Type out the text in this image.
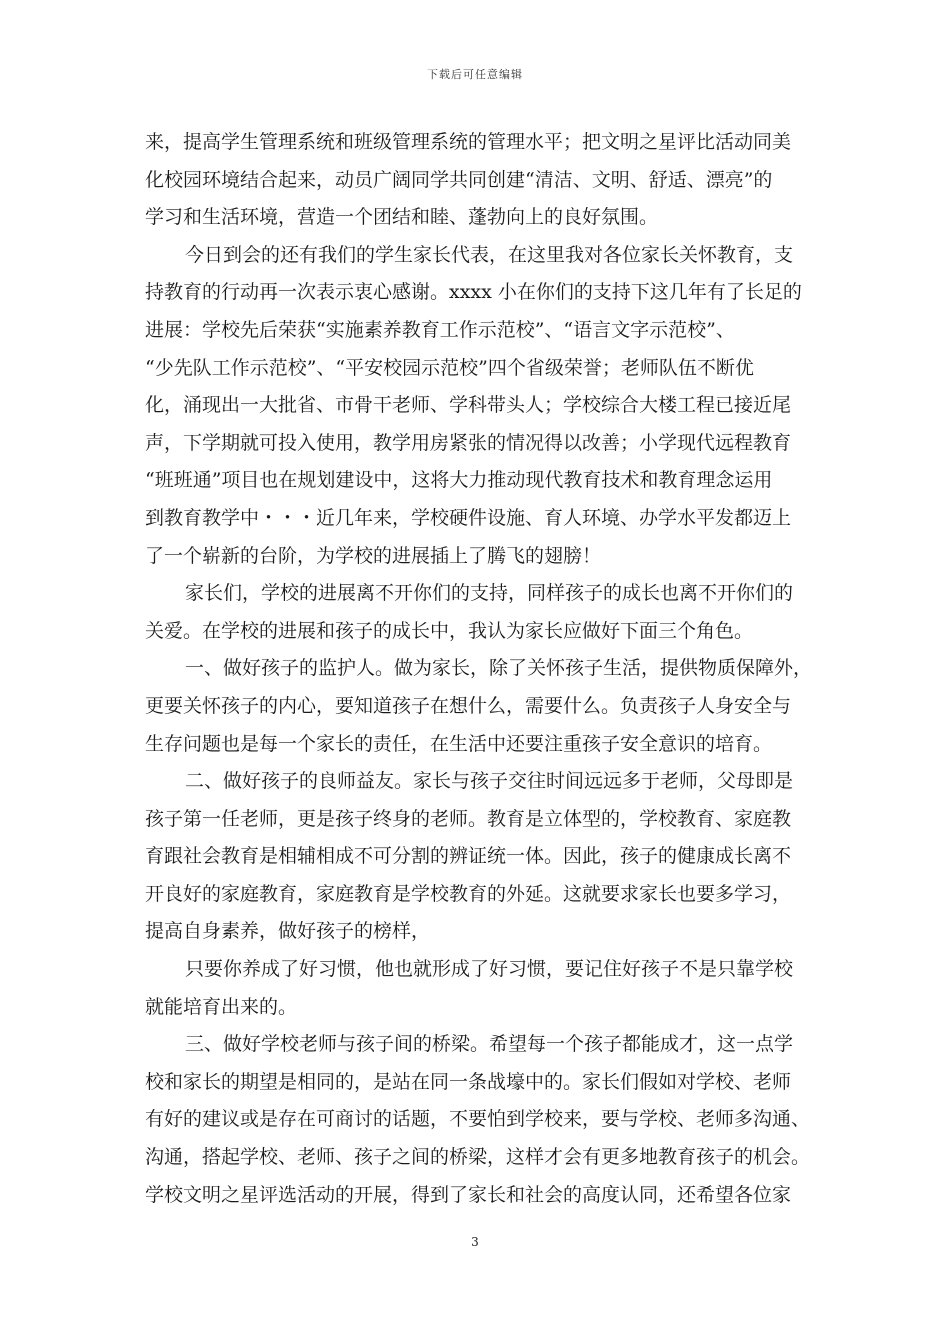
下载后可任意编辑
来，提高学生管理系统和班级管理系统的管理水平；把文明之星评比活动同美
化校园环境结合起来，动员广阔同学共同创建“清洁、文明、舒适、漂亮”的
学习和生活环境，营造一个团结和睦、蓬勃向上的良好氛围。
今日到会的还有我们的学生家长代表，在这里我对各位家长关怀教育，支
持教育的行动再一次表示衷心感谢。xxxx 小在你们的支持下这几年有了长足的
进展：学校先后荣获“实施素养教育工作示范校”、“语言文字示范校”、
“少先队工作示范校”、“平安校园示范校”四个省级荣誉；老师队伍不断优
化，涌现出一大批省、市骨干老师、学科带头人；学校综合大楼工程已接近尾
声，下学期就可投入使用，教学用房紧张的情况得以改善；小学现代远程教育
“班班通”项目也在规划建设中，这将大力推动现代教育技术和教育理念运用
到教育教学中・・・近几年来，学校硬件设施、育人环境、办学水平发都迈上
了一个崭新的台阶，为学校的进展插上了腾飞的翅膀！
家长们，学校的进展离不开你们的支持，同样孩子的成长也离不开你们的
关爱。在学校的进展和孩子的成长中，我认为家长应做好下面三个角色。
一、做好孩子的监护人。做为家长，除了关怀孩子生活，提供物质保障外，
更要关怀孩子的内心，要知道孩子在想什么，需要什么。负责孩子人身安全与
生存问题也是每一个家长的责任，在生活中还要注重孩子安全意识的培育。
二、做好孩子的良师益友。家长与孩子交往时间远远多于老师，父母即是
孩子第一任老师，更是孩子终身的老师。教育是立体型的，学校教育、家庭教
育跟社会教育是相辅相成不可分割的辨证统一体。因此，孩子的健康成长离不
开良好的家庭教育，家庭教育是学校教育的外延。这就要求家长也要多学习，
提高自身素养，做好孩子的榜样，
只要你养成了好习惯，他也就形成了好习惯，要记住好孩子不是只靠学校
就能培育出来的。
三、做好学校老师与孩子间的桥梁。希望每一个孩子都能成才，这一点学
校和家长的期望是相同的，是站在同一条战壕中的。家长们假如对学校、老师
有好的建议或是存在可商讨的话题，不要怕到学校来，要与学校、老师多沟通、
沟通，搭起学校、老师、孩子之间的桥梁，这样才会有更多地教育孩子的机会。
学校文明之星评选活动的开展，得到了家长和社会的高度认同，还希望各位家
3
